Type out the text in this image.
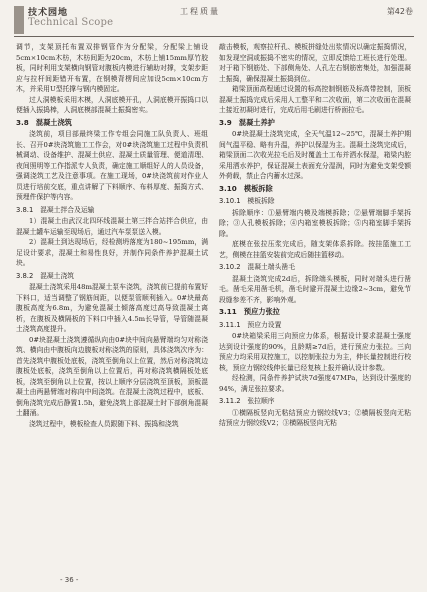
技术园地
Technical Scope
工程质量	第42卷
调节，支架顶托布置双排钢管作为分配梁，分配梁上铺设5cm×10cm木枋，木枋间距为20cm，木枋上铺15mm厚竹胶板，同时利用支架横向钢管对腹板内模进行辅助对撑，支架步距应与拉杆间距错开布置，在钢模背楞间应加设5cm×10cm方木，并采用U型托撑与钢内模固定。
过人洞模板采用木模，人洞底模开孔，人洞底模开振捣口以便插入振捣棒，人洞底模部混凝土振捣密实。
3.8　混凝土浇筑
浇筑前，项目部最终梁工作专组会同施工队负责人、班组长、召开0#块浇筑施工工作会，对0#块浇筑施工过程中负责机械调动、设备维护、混凝土供应、混凝土质量管理、便道清理、夜间照明等工作指派专人负责，确定施工顺组好人的人员设备，强调浇筑工艺及注意事项。在施工现场，0#块浇筑前对作业人员进行培前交底，重点讲解了下料顺序、布料厚度、振捣方式、预埋件保护等内容。
3.8.1　混凝土拌合及运输
1）混凝土由武汉北四环线混凝土第三拌合站拌合供应，由混凝土罐车运输至现场后，通过汽车泵泵送入模。
2）混凝土到达现场后，经检测坍落度为180~195mm，满足设计要求，混凝土和易性良好，并制作同条件养护混凝土试块。
3.8.2　混凝土浇筑
混凝土浇筑采用48m混凝土泵车浇筑，浇筑前已提前布置好下料口，适当调整了钢筋间距，以便泵管顺利插入。0#块最高腹板高度为6.8m，为避免混凝土倾落高度过高导致混凝土离析，在腹板及横隔板的下料口中插入4.5m长导管，导管随混凝土浇筑高度提升。
0#块混凝土浇筑遵循纵向由0#块中间向悬臂端均匀对称浇筑、横向由中腹板向边腹板对称浇筑的原则，具体浇筑次序为：首先浇筑中腹板处底板，浇筑至倒角以上位置，然后对称浇筑边腹板处底板，浇筑至倒角以上位置后，再对称浇筑横隔板处底板，浇筑至倒角以上位置，按以上顺序分层浇筑至顶板，顶板混凝土由两悬臂端对称向中间浇筑。在混凝土浇筑过程中，底板、倒角浇筑完成后静置1.5h，避免浇筑上部混凝土时下部倒角混凝土翻涌。
浇筑过程中，模板检查人员跟随下料、振捣和浇筑
敲击模板，观察拉杆孔、模板拼缝处出浆情况以确定振捣情况，如发现空洞或振捣不密实的情况，立即反馈给工班长进行处理。对于箱下钢筋处、下部侧角处、人孔左右钢筋密集处，加强混凝土振捣，确保混凝土振捣到位。
箱梁顶面高程通过设置的标高控制钢筋及标高带控制，顶板混凝土振捣完成后采用人工整平和二次收面，第二次收面在混凝土接近初凝时进行，完成后用毛刷进行桥面拉毛。
3.9　混凝土养护
0#块混凝土浇筑完成，全天气温12~25℃，混凝土养护期间气温平稳、略有升温，养护以保湿为主。混凝土浇筑完成后，箱梁顶面二次收光拉毛后及时覆盖土工布并洒水保湿，箱梁内腔采用洒水养护，保证混凝土表面充分湿润，同时为避免支架受额外荷载，禁止合内蓄水过深。
3.10　模板拆除
3.10.1　模板拆除
拆除顺序：①悬臂端内模及端模拆除；②悬臂端脚手架拆除；③人孔模板拆除；④内箱室模板拆除；⑤内箱室脚手架拆除。
底模在张拉压浆完成后，随支架体系拆除。按挂篮施工工艺，侧模在挂篮安装前完成后随挂篮移动。
3.10.2　混凝土端头凿毛
混凝土浇筑完成2d后，拆除端头模板，同时对端头进行凿毛。凿毛采用凿毛机，凿毛时避开混凝土边缘2~3cm，避免节段缝参差不齐，影响外观。
3.11　预应力张拉
3.11.1　预应力设置
0#块箱梁采用三向预应力体系，根据设计要求混凝土强度达到设计强度的90%，且龄期≥7d后，进行预应力张拉。三向预应力均采用双控施工，以控制张拉力为主，伸长量控制进行校核，预应力钢绞线伸长量已经复核上报并确认设计参数。
经检测，同条件养护试块7d强度47MPa，达到设计强度的94%，满足张拉要求。
3.11.2　张拉顺序
①横隔板竖向无粘结预应力钢绞线V3；②横隔板竖向无粘结预应力钢绞线V2；③横隔板竖向无粘
- 36 -
